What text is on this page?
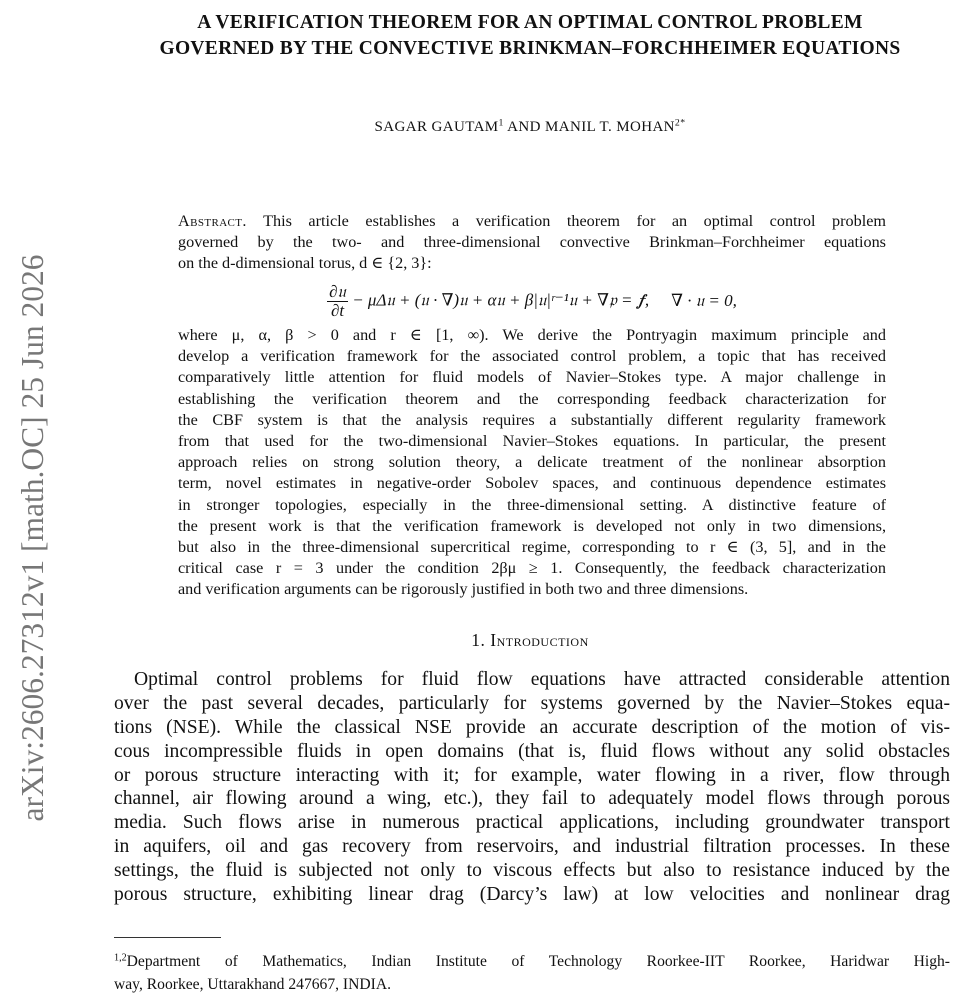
arXiv:2606.27312v1 [math.OC] 25 Jun 2026
A VERIFICATION THEOREM FOR AN OPTIMAL CONTROL PROBLEM
GOVERNED BY THE CONVECTIVE BRINKMAN–FORCHHEIMER EQUATIONS
SAGAR GAUTAM$^1$ AND MANIL T. $MOHAN^{2*}$
Abstract. This article establishes a verification theorem for an optimal control problem
governed by the two- and three-dimensional convective Brinkman–Forchheimer equations
on the d-dimensional torus, d ∈ {2, 3}:
$\frac{\text{∂𝔲}}{\partial t}$ − μΔ𝔲 + (𝔲 · ∇)𝔲 + α𝔲 + β|𝔲|ʳ⁻¹𝔲 + ∇𝔭 = 𝒇, ∇ · 𝔲 = 0,
where μ, α, β > 0 and r ∈ [1, ∞). We derive the Pontryagin maximum principle and
develop a verification framework for the associated control problem, a topic that has received
comparatively little attention for fluid models of Navier–Stokes type. A major challenge in
establishing the verification theorem and the corresponding feedback characterization for
the CBF system is that the analysis requires a substantially different regularity framework
from that used for the two-dimensional Navier–Stokes equations. In particular, the present
approach relies on strong solution theory, a delicate treatment of the nonlinear absorption
term, novel estimates in negative-order Sobolev spaces, and continuous dependence estimates
in stronger topologies, especially in the three-dimensional setting. A distinctive feature of
the present work is that the verification framework is developed not only in two dimensions,
but also in the three-dimensional supercritical regime, corresponding to r ∈ (3, 5], and in the
critical case r = 3 under the condition 2βμ ≥ 1. Consequently, the feedback characterization
and verification arguments can be rigorously justified in both two and three dimensions.
1. Introduction
Optimal control problems for fluid flow equations have attracted considerable attention
over the past several decades, particularly for systems governed by the Navier–Stokes equa-
tions (NSE). While the classical NSE provide an accurate description of the motion of vis-
cous incompressible fluids in open domains (that is, fluid flows without any solid obstacles
or porous structure interacting with it; for example, water flowing in a river, flow through
channel, air flowing around a wing, etc.), they fail to adequately model flows through porous
media. Such flows arise in numerous practical applications, including groundwater transport
in aquifers, oil and gas recovery from reservoirs, and industrial filtration processes. In these
settings, the fluid is subjected not only to viscous effects but also to resistance induced by the
porous structure, exhibiting linear drag (Darcy’s law) at low velocities and nonlinear drag
$^{1,2}$Department of Mathematics, Indian Institute of Technology Roorkee-IIT Roorkee, Haridwar High-
way, Roorkee, Uttarakhand 247667, INDIA.
